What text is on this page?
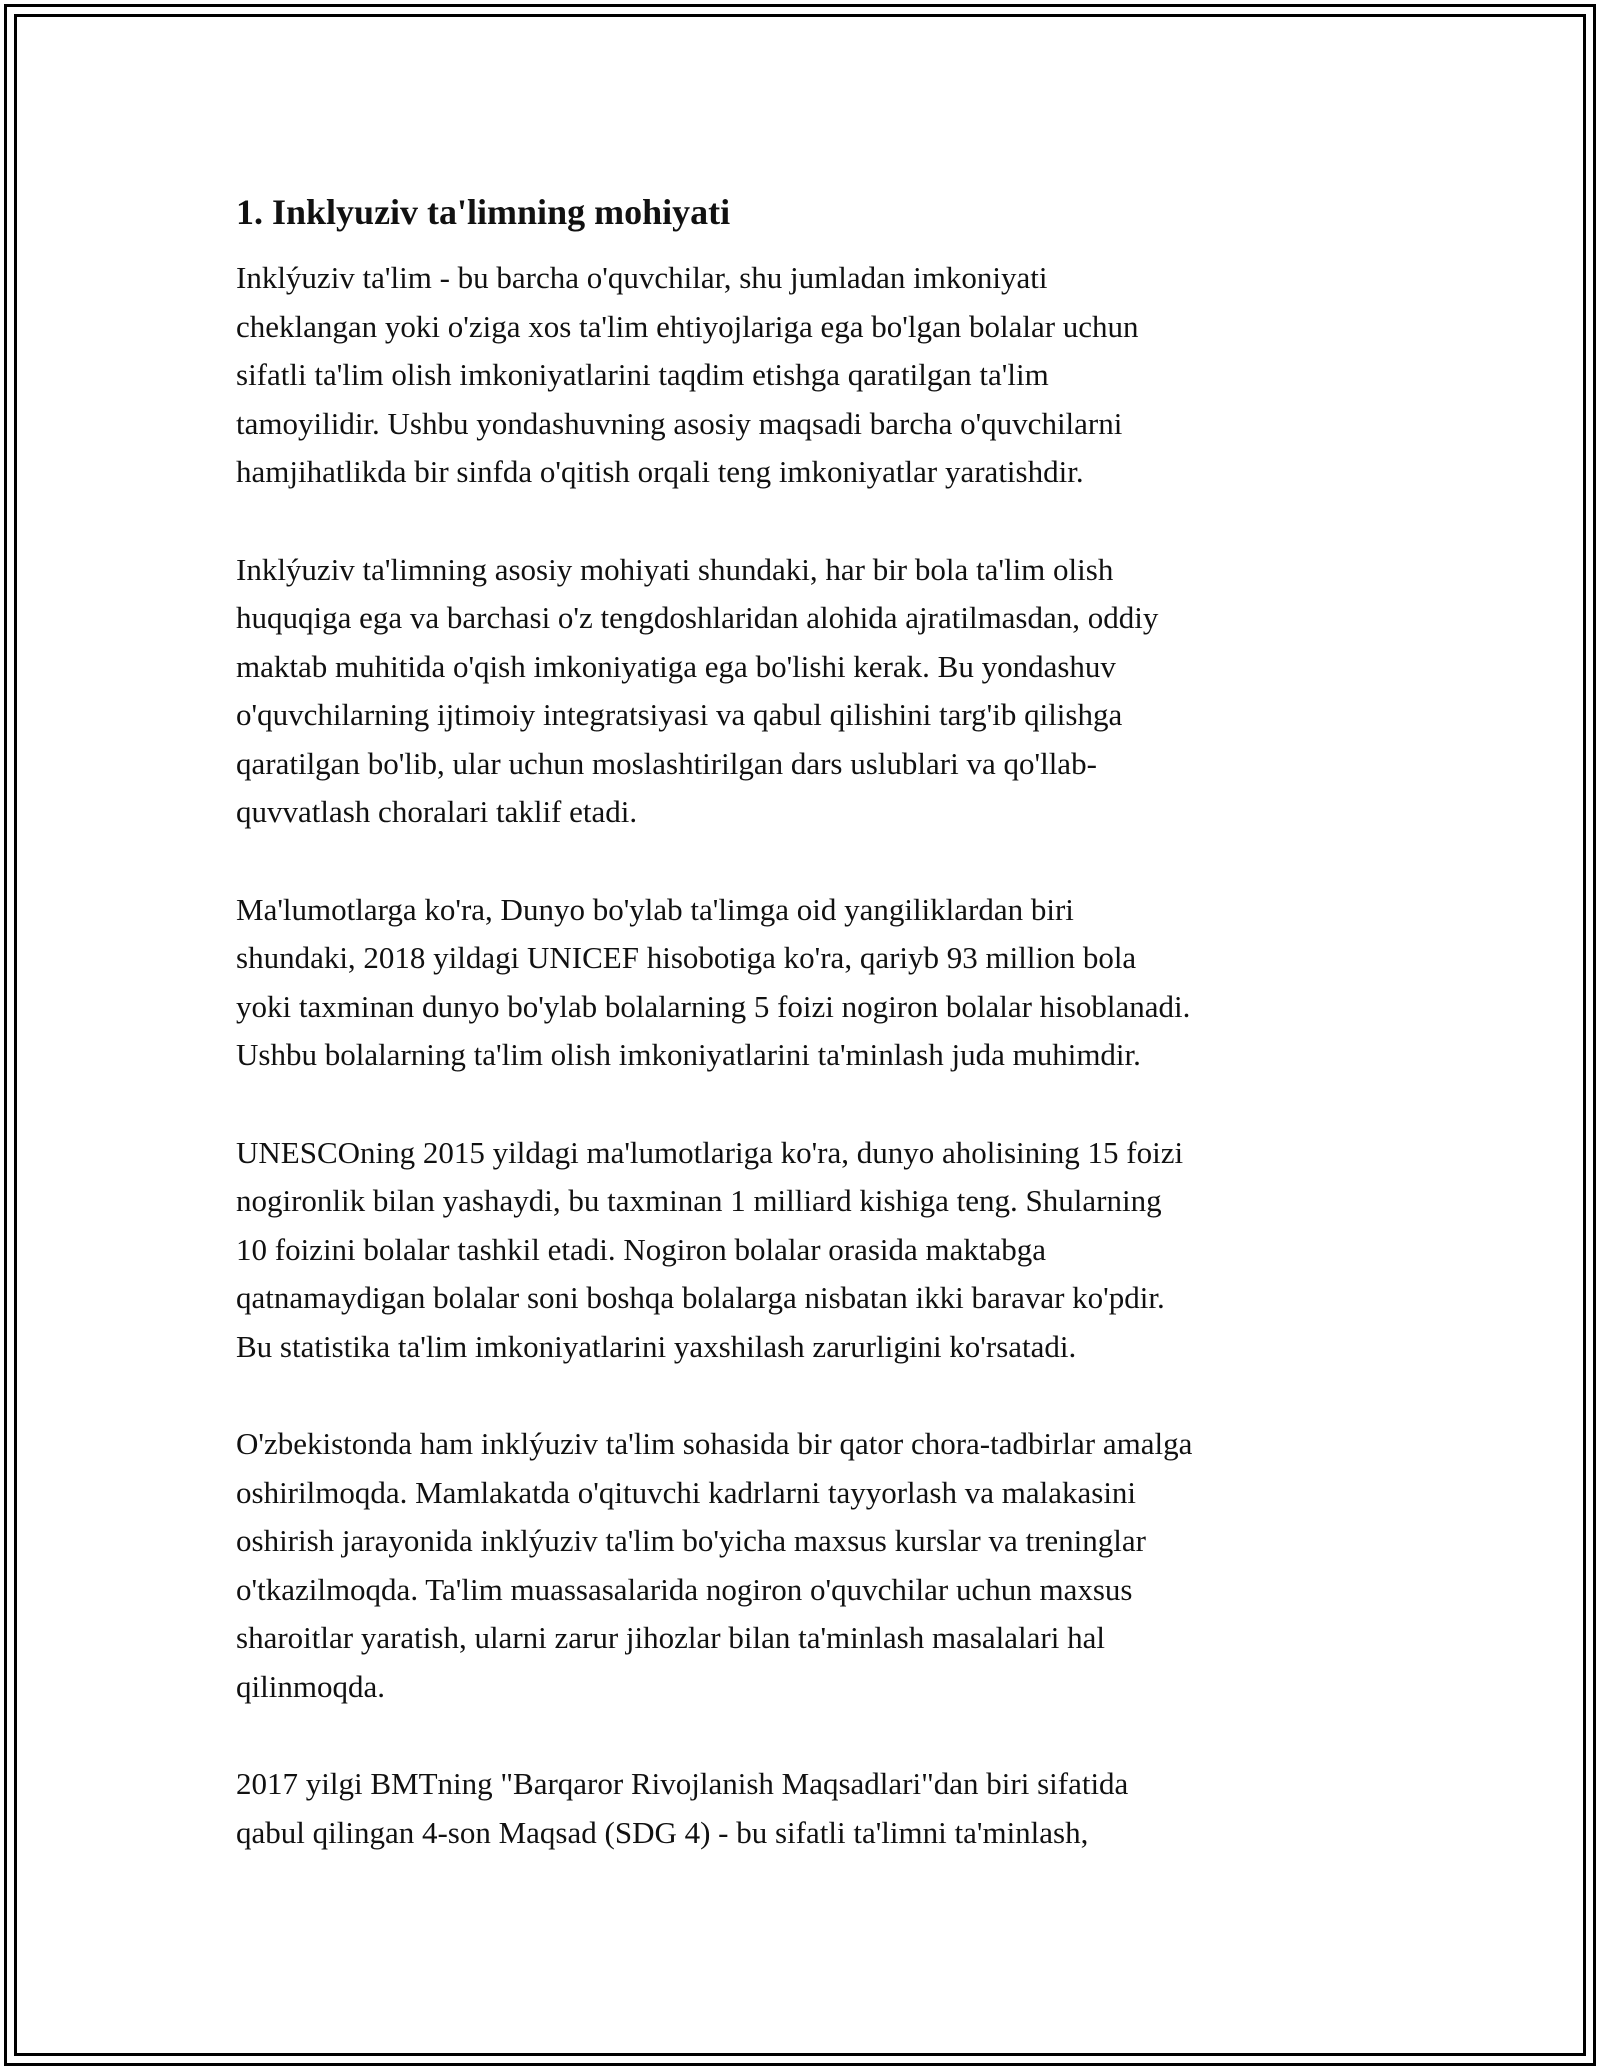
1. Inklyuziv ta'limning mohiyati

Inklýuziv ta'lim - bu barcha o'quvchilar, shu jumladan imkoniyati
cheklangan yoki o'ziga xos ta'lim ehtiyojlariga ega bo'lgan bolalar uchun
sifatli ta'lim olish imkoniyatlarini taqdim etishga qaratilgan ta'lim
tamoyilidir. Ushbu yondashuvning asosiy maqsadi barcha o'quvchilarni
hamjihatlikda bir sinfda o'qitish orqali teng imkoniyatlar yaratishdir.

Inklýuziv ta'limning asosiy mohiyati shundaki, har bir bola ta'lim olish
huquqiga ega va barchasi o'z tengdoshlaridan alohida ajratilmasdan, oddiy
maktab muhitida o'qish imkoniyatiga ega bo'lishi kerak. Bu yondashuv
o'quvchilarning ijtimoiy integratsiyasi va qabul qilishini targ'ib qilishga
qaratilgan bo'lib, ular uchun moslashtirilgan dars uslublari va qo'llab-
quvvatlash choralari taklif etadi.

Ma'lumotlarga ko'ra, Dunyo bo'ylab ta'limga oid yangiliklardan biri
shundaki, 2018 yildagi UNICEF hisobotiga ko'ra, qariyb 93 million bola
yoki taxminan dunyo bo'ylab bolalarning 5 foizi nogiron bolalar hisoblanadi.
Ushbu bolalarning ta'lim olish imkoniyatlarini ta'minlash juda muhimdir.

UNESCOning 2015 yildagi ma'lumotlariga ko'ra, dunyo aholisining 15 foizi
nogironlik bilan yashaydi, bu taxminan 1 milliard kishiga teng. Shularning
10 foizini bolalar tashkil etadi. Nogiron bolalar orasida maktabga
qatnamaydigan bolalar soni boshqa bolalarga nisbatan ikki baravar ko'pdir.
Bu statistika ta'lim imkoniyatlarini yaxshilash zarurligini ko'rsatadi.

O'zbekistonda ham inklýuziv ta'lim sohasida bir qator chora-tadbirlar amalga
oshirilmoqda. Mamlakatda o'qituvchi kadrlarni tayyorlash va malakasini
oshirish jarayonida inklýuziv ta'lim bo'yicha maxsus kurslar va treninglar
o'tkazilmoqda. Ta'lim muassasalarida nogiron o'quvchilar uchun maxsus
sharoitlar yaratish, ularni zarur jihozlar bilan ta'minlash masalalari hal
qilinmoqda.

2017 yilgi BMTning "Barqaror Rivojlanish Maqsadlari"dan biri sifatida
qabul qilingan 4-son Maqsad (SDG 4) - bu sifatli ta'limni ta'minlash,
